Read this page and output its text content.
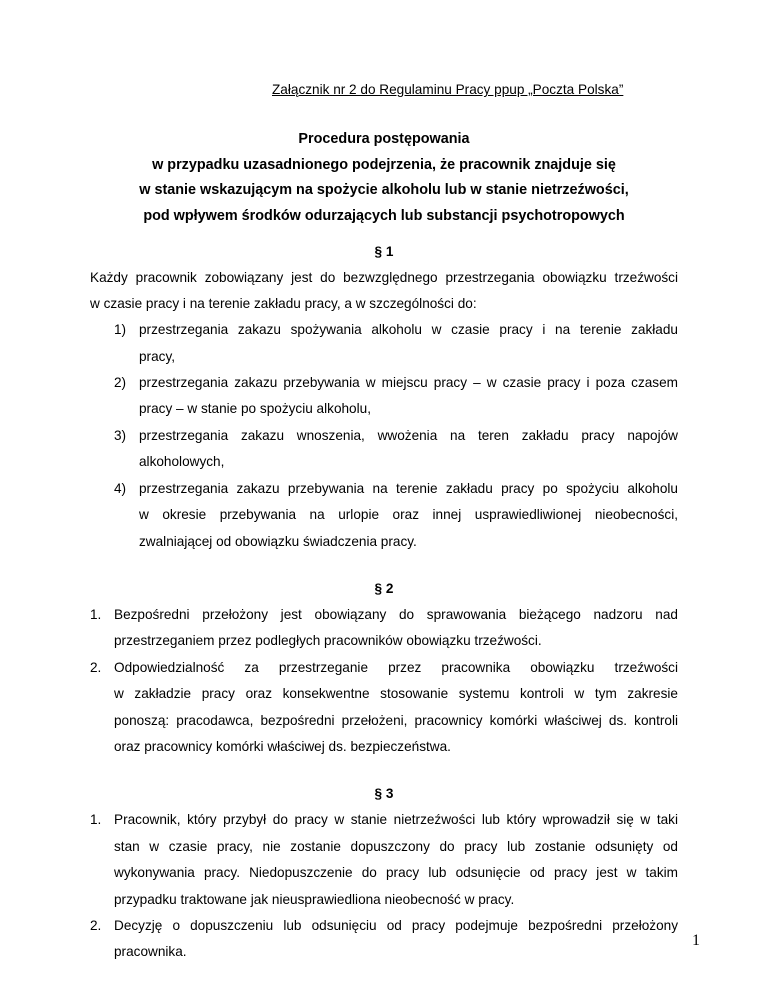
Załącznik nr 2 do Regulaminu Pracy ppup „Poczta Polska”
Procedura postępowania
w przypadku uzasadnionego podejrzenia, że pracownik znajduje się
w stanie wskazującym na spożycie alkoholu lub w stanie nietrzeźwości,
pod wpływem środków odurzających lub substancji psychotropowych
§ 1
Każdy pracownik zobowiązany jest do bezwzględnego przestrzegania obowiązku trzeźwości
w czasie pracy i na terenie zakładu pracy, a w szczególności do:
1) przestrzegania zakazu spożywania alkoholu w czasie pracy i na terenie zakładu
pracy,
2) przestrzegania zakazu przebywania w miejscu pracy – w czasie pracy i poza czasem
pracy – w stanie po spożyciu alkoholu,
3) przestrzegania zakazu wnoszenia, wwożenia na teren zakładu pracy napojów
alkoholowych,
4) przestrzegania zakazu przebywania na terenie zakładu pracy po spożyciu alkoholu
w okresie przebywania na urlopie oraz innej usprawiedliwionej nieobecności,
zwalniającej od obowiązku świadczenia pracy.
§ 2
1. Bezpośredni przełożony jest obowiązany do sprawowania bieżącego nadzoru nad
przestrzeganiem przez podległych pracowników obowiązku trzeźwości.
2. Odpowiedzialność za przestrzeganie przez pracownika obowiązku trzeźwości
w zakładzie pracy oraz konsekwentne stosowanie systemu kontroli w tym zakresie
ponoszą: pracodawca, bezpośredni przełożeni, pracownicy komórki właściwej ds. kontroli
oraz pracownicy komórki właściwej ds. bezpieczeństwa.
§ 3
1. Pracownik, który przybył do pracy w stanie nietrzeźwości lub który wprowadził się w taki
stan w czasie pracy, nie zostanie dopuszczony do pracy lub zostanie odsunięty od
wykonywania pracy. Niedopuszczenie do pracy lub odsunięcie od pracy jest w takim
przypadku traktowane jak nieusprawiedliona nieobecność w pracy.
2. Decyzję o dopuszczeniu lub odsunięciu od pracy podejmuje bezpośredni przełożony
pracownika.
1
